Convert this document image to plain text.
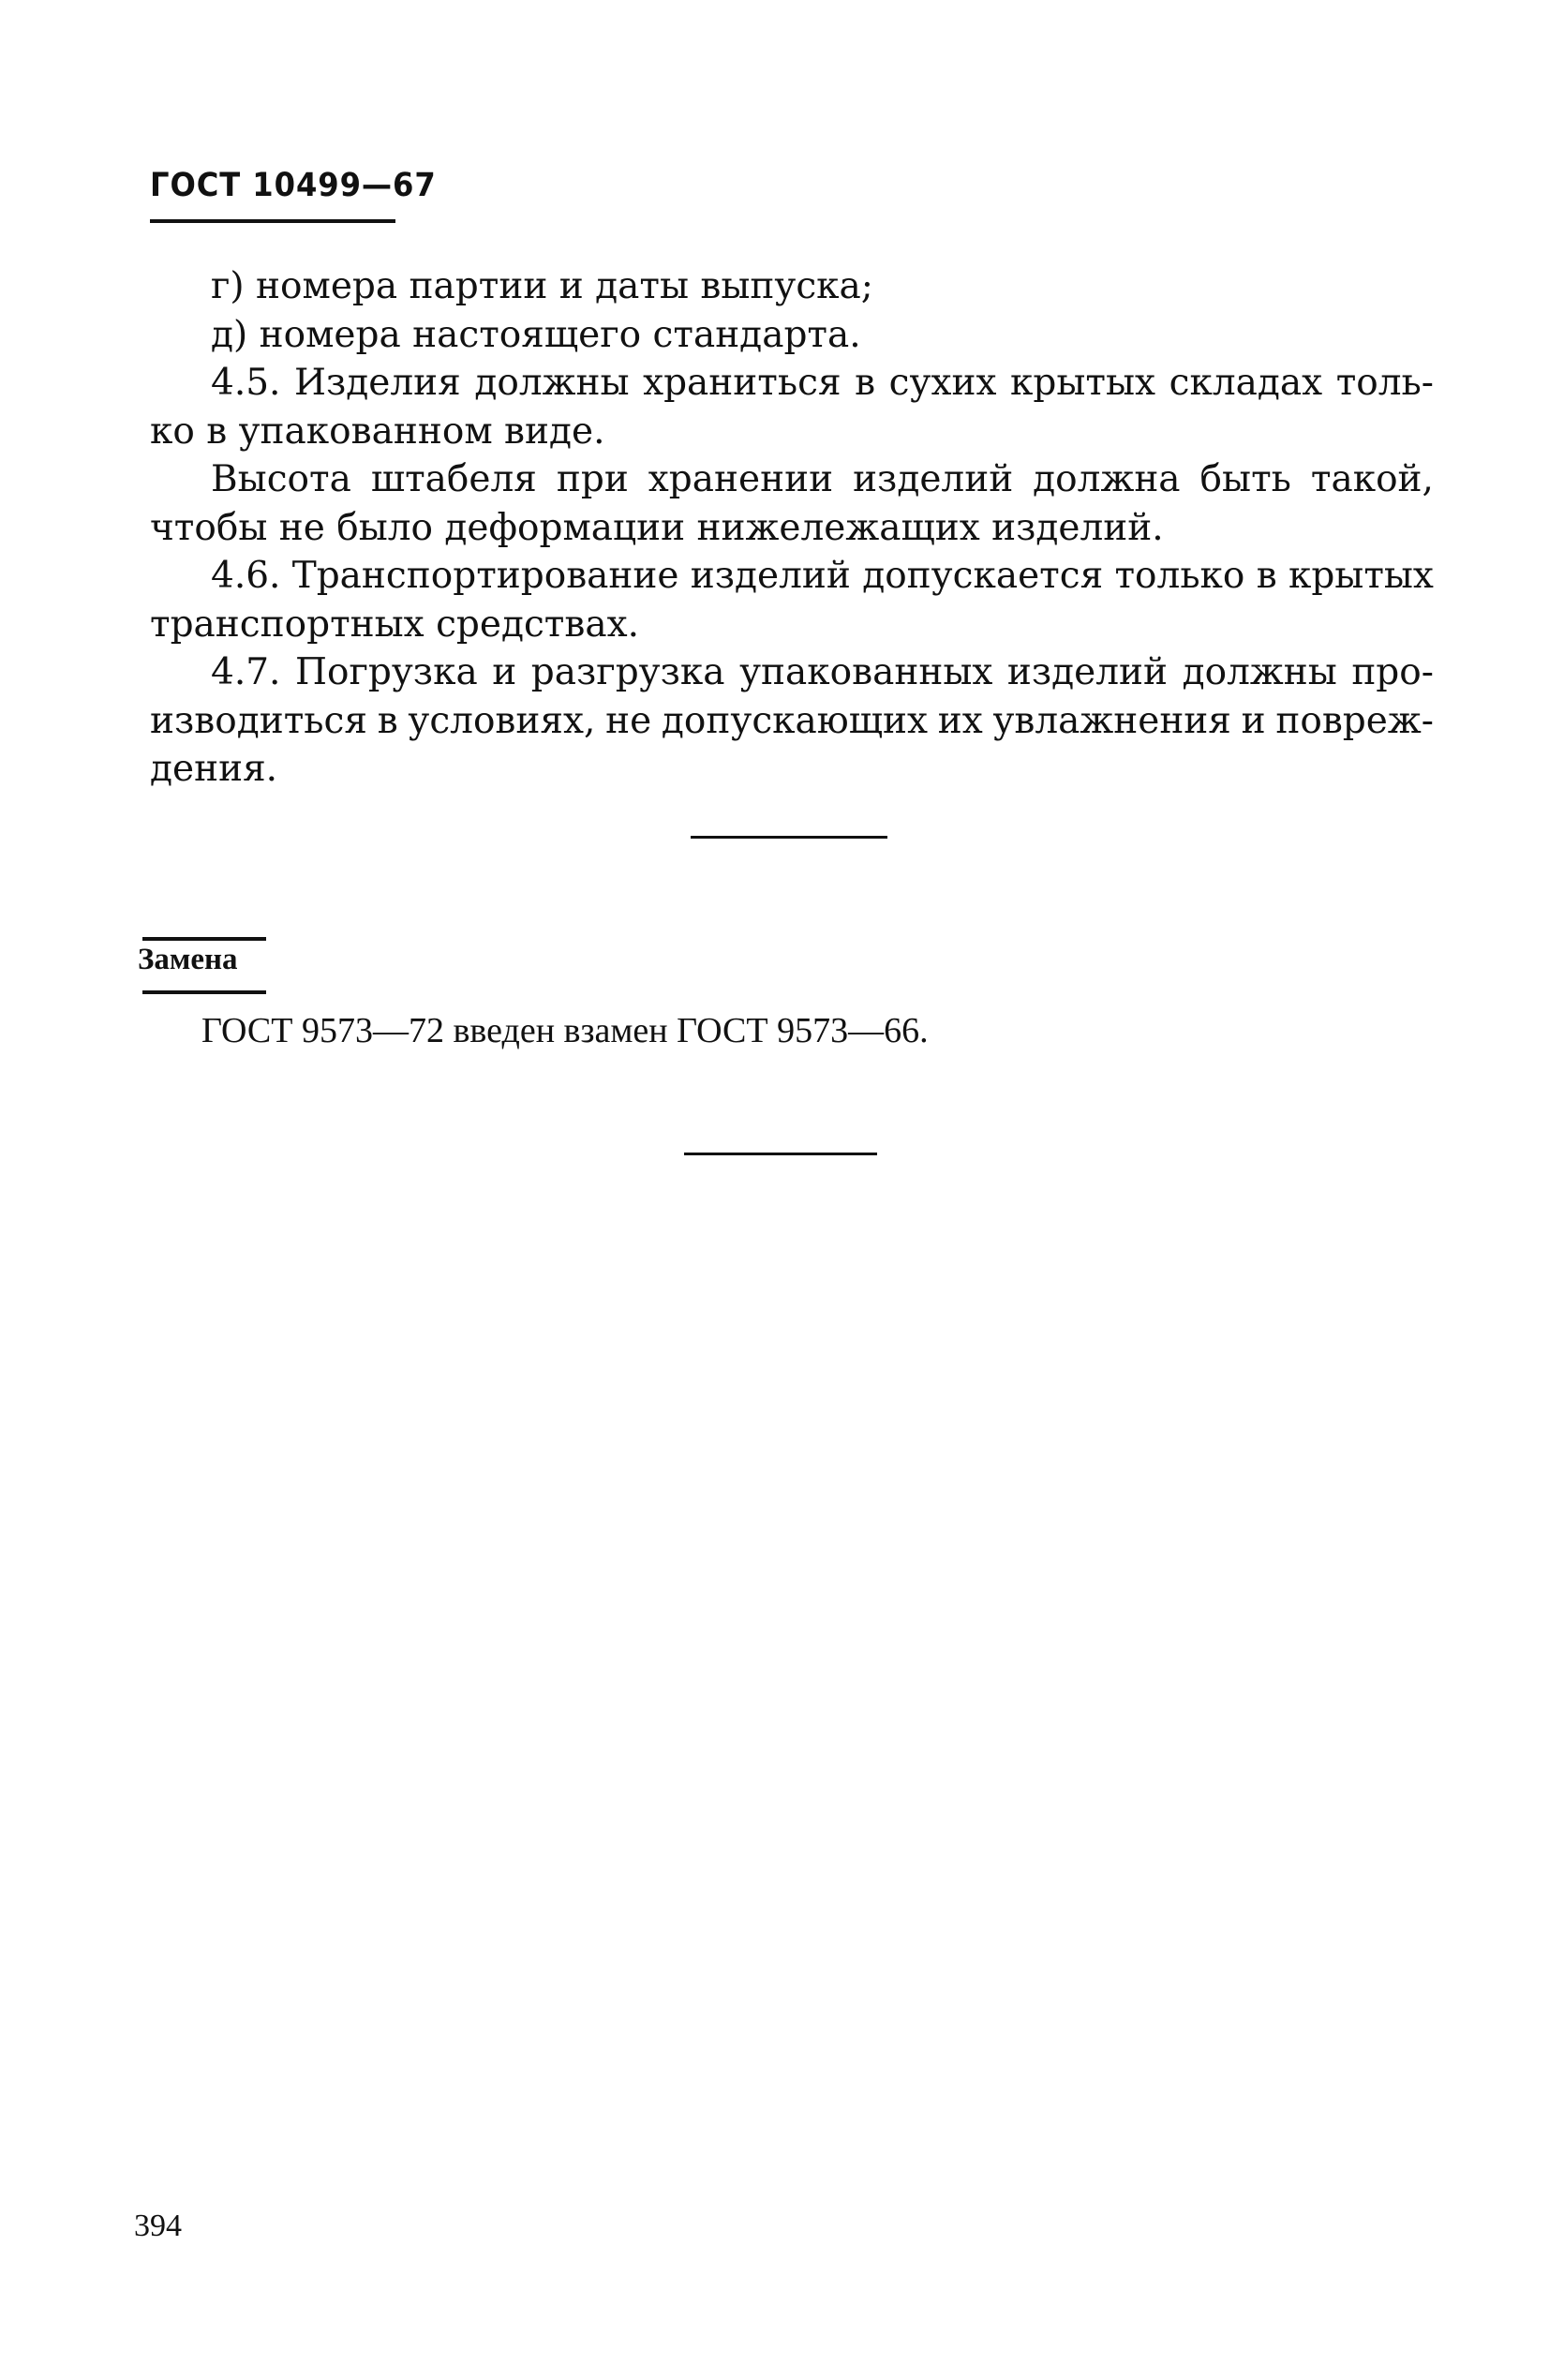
ГОСТ 10499—67
г) номера партии и даты выпуска;
д) номера настоящего стандарта.
4.5. Изделия должны храниться в сухих крытых складах толь-
ко в упакованном виде.
Высота штабеля при хранении изделий должна быть такой,
чтобы не было деформации нижележащих изделий.
4.6. Транспортирование изделий допускается только в крытых
транспортных средствах.
4.7. Погрузка и разгрузка упакованных изделий должны про-
изводиться в условиях, не допускающих их увлажнения и повреж-
дения.
Замена
ГОСТ 9573—72 введен взамен ГОСТ 9573—66.
394
